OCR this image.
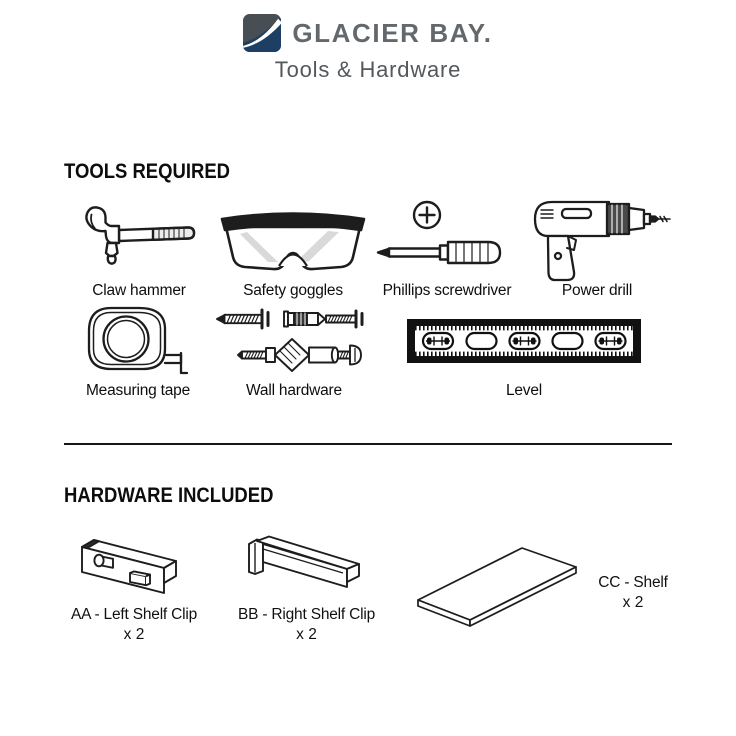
GLACIER BAY.
Tools & Hardware
TOOLS REQUIRED
Claw hammer	Safety goggles	Phillips screwdriver	Power drill
Measuring tape	Wall hardware	Level
HARDWARE INCLUDED
AA - Left Shelf Clip
x 2
BB - Right Shelf Clip
x 2
CC - Shelf
x 2
